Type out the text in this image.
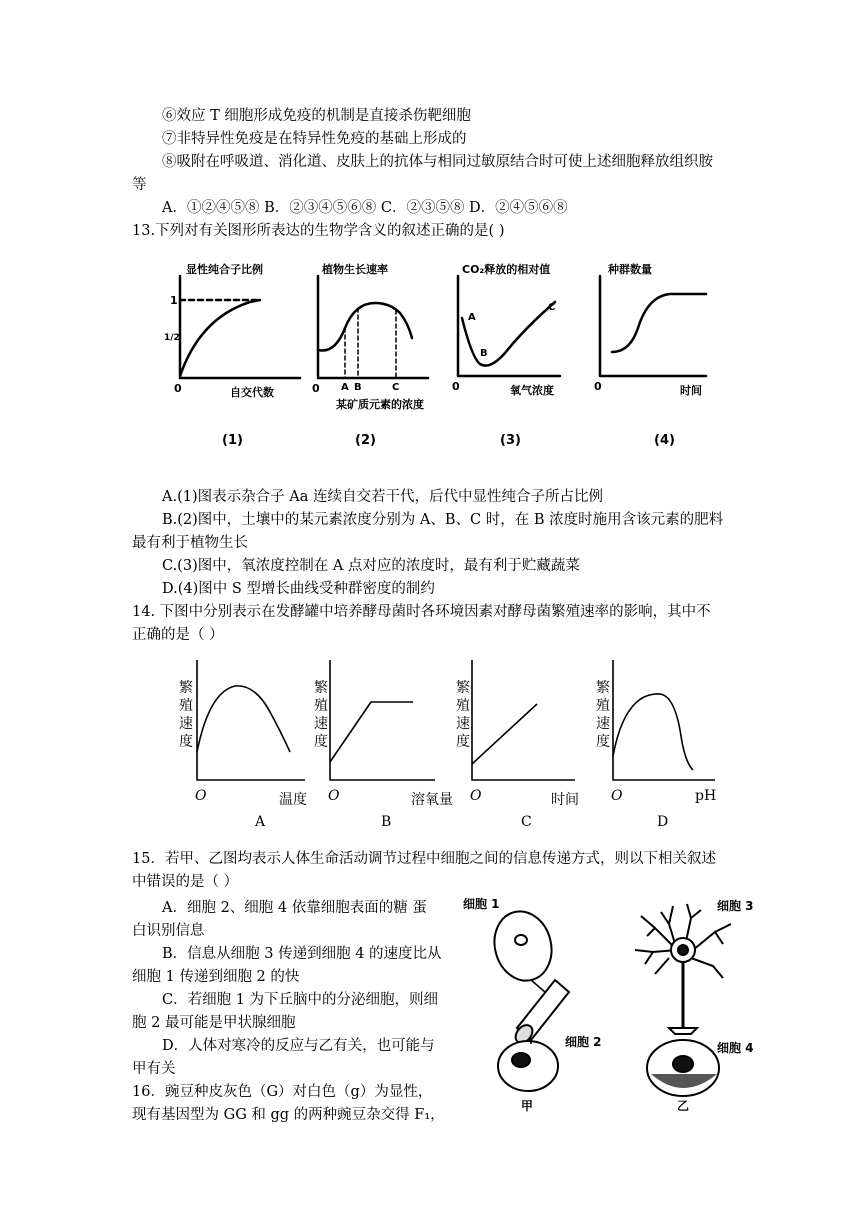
⑥效应 T 细胞形成免疫的机制是直接杀伤靶细胞
⑦非特异性免疫是在特异性免疫的基础上形成的
⑧吸附在呼吸道、消化道、皮肤上的抗体与相同过敏原结合时可使上述细胞释放组织胺
等
A．①②④⑤⑧ B．②③④⑤⑥⑧ C．②③⑤⑧ D．②④⑤⑥⑧
13.下列对有关图形所表达的生物学含义的叙述正确的是( )
显性纯合子比例
1
1/2
0	自交代数
(1)
植物生长速率
0 A B	C
某矿质元素的浓度
(2)
CO₂释放的相对值
A
B
C
0	氧气浓度
(3)
种群数量
0	时间
(4)
A.(1)图表示杂合子 Aa 连续自交若干代，后代中显性纯合子所占比例
B.(2)图中，土壤中的某元素浓度分别为 A、B、C 时，在 B 浓度时施用含该元素的肥料
最有利于植物生长
C.(3)图中，氧浓度控制在 A 点对应的浓度时，最有利于贮藏蔬菜
D.(4)图中 S 型增长曲线受种群密度的制约
14. 下图中分别表示在发酵罐中培养酵母菌时各环境因素对酵母菌繁殖速率的影响，其中不
正确的是（ ）
繁
殖
速
度
O	温度
A
繁
殖
速
度
O	溶氧量
B
繁
殖
速
度
O	时间
C
繁
殖
速
度
O	pH
D
15．若甲、乙图均表示人体生命活动调节过程中细胞之间的信息传递方式，则以下相关叙述
中错误的是（ ）
A．细胞 2、细胞 4 依靠细胞表面的糖 蛋
白识别信息
B．信息从细胞 3 传递到细胞 4 的速度比从
细胞 1 传递到细胞 2 的快
C．若细胞 1 为下丘脑中的分泌细胞，则细
胞 2 最可能是甲状腺细胞
D．人体对寒冷的反应与乙有关，也可能与
甲有关
16．豌豆种皮灰色（G）对白色（g）为显性，
现有基因型为 GG 和 gg 的两种豌豆杂交得 F₁，
细胞 1
细胞 2
细胞 3
细胞 4
甲	乙
